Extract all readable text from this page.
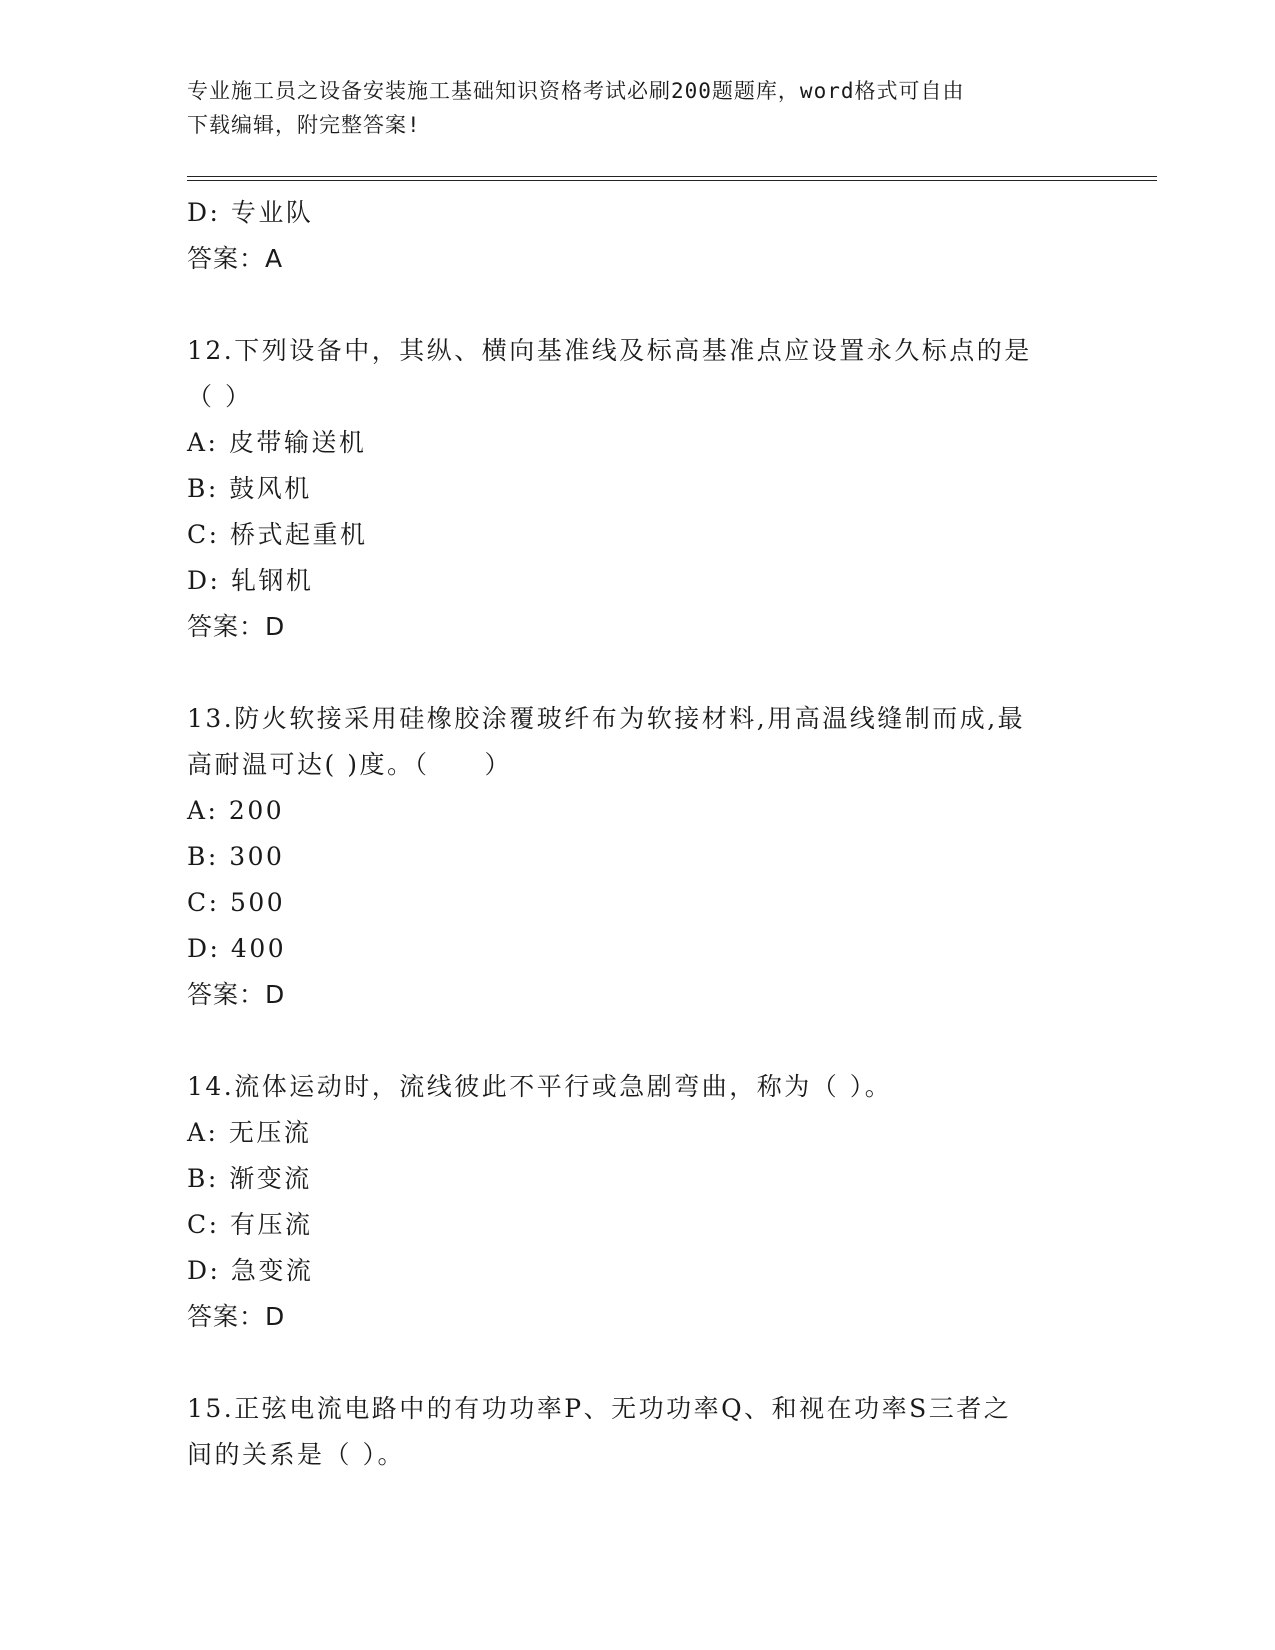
专业施工员之设备安装施工基础知识资格考试必刷200题题库，word格式可自由
下载编辑，附完整答案!
D: 专业队
答案：A
12.下列设备中，其纵、横向基准线及标高基准点应设置永久标点的是
（ ）
A: 皮带输送机
B: 鼓风机
C: 桥式起重机
D: 轧钢机
答案：D
13.防火软接采用硅橡胶涂覆玻纤布为软接材料,用高温线缝制而成,最
高耐温可达( )度。（　　）
A: 200
B: 300
C: 500
D: 400
答案：D
14.流体运动时，流线彼此不平行或急剧弯曲，称为（ ）。
A: 无压流
B: 渐变流
C: 有压流
D: 急变流
答案：D
15.正弦电流电路中的有功功率P、无功功率Q、和视在功率S三者之
间的关系是（ ）。
